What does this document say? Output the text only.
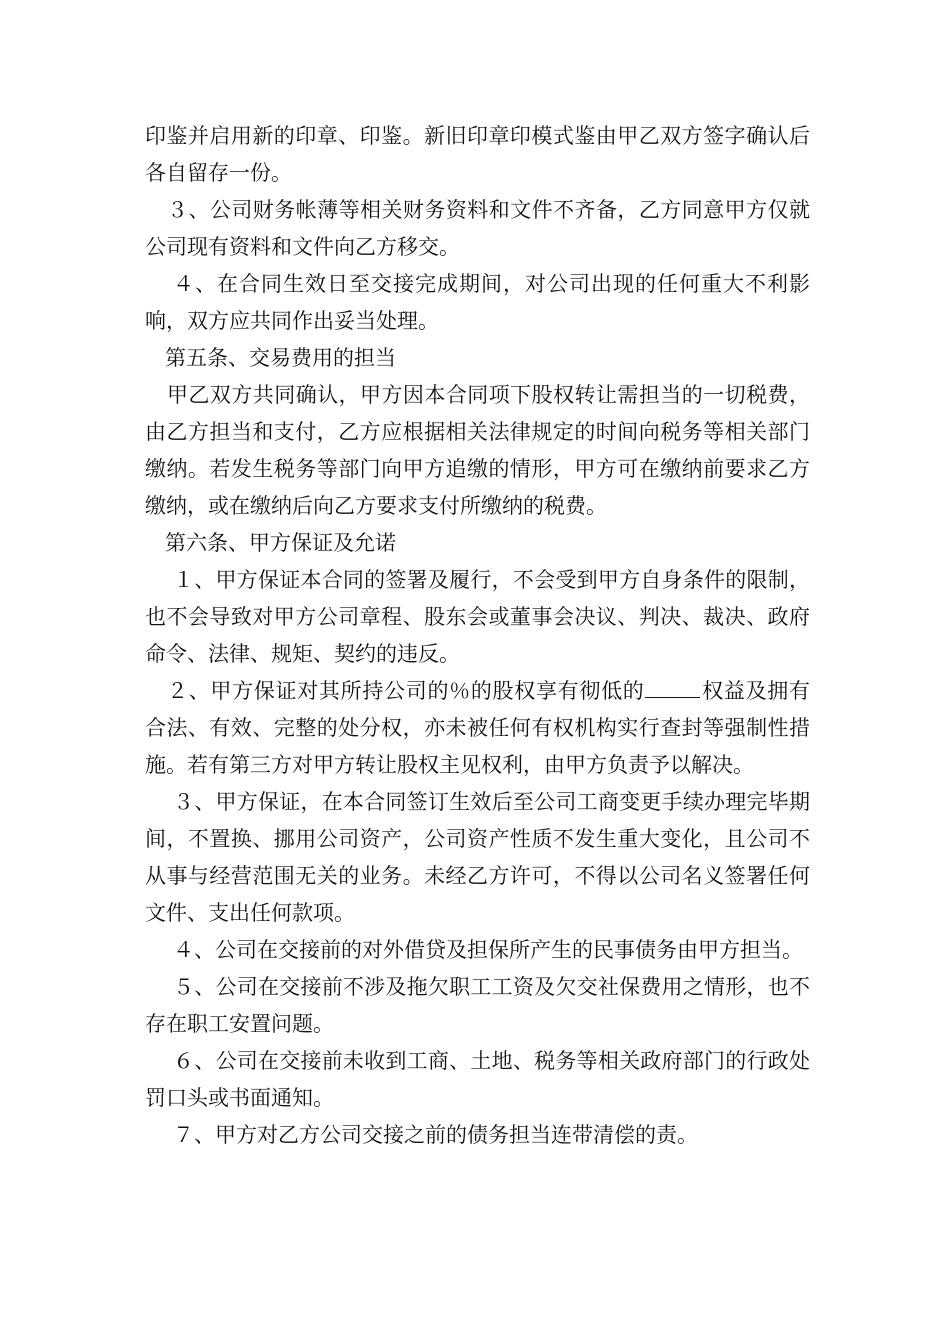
印鉴并启用新的印章、印鉴。新旧印章印模式鉴由甲乙双方签字确认后各自留存一份。

３、公司财务帐薄等相关财务资料和文件不齐备，乙方同意甲方仅就公司现有资料和文件向乙方移交。

４、在合同生效日至交接完成期间，对公司出现的任何重大不利影响，双方应共同作出妥当处理。

第五条、交易费用的担当

甲乙双方共同确认，甲方因本合同项下股权转让需担当的一切税费，由乙方担当和支付，乙方应根据相关法律规定的时间向税务等相关部门缴纳。若发生税务等部门向甲方追缴的情形，甲方可在缴纳前要求乙方缴纳，或在缴纳后向乙方要求支付所缴纳的税费。

第六条、甲方保证及允诺

１、甲方保证本合同的签署及履行，不会受到甲方自身条件的限制，也不会导致对甲方公司章程、股东会或董事会决议、判决、裁决、政府命令、法律、规矩、契约的违反。

２、甲方保证对其所持公司的％的股权享有彻低的	权益及拥有合法、有效、完整的处分权，亦未被任何有权机构实行查封等强制性措施。若有第三方对甲方转让股权主见权利，由甲方负责予以解决。

３、甲方保证，在本合同签订生效后至公司工商变更手续办理完毕期间，不置换、挪用公司资产，公司资产性质不发生重大变化，且公司不从事与经营范围无关的业务。未经乙方许可，不得以公司名义签署任何文件、支出任何款项。

４、公司在交接前的对外借贷及担保所产生的民事债务由甲方担当。

５、公司在交接前不涉及拖欠职工工资及欠交社保费用之情形，也不存在职工安置问题。

６、公司在交接前未收到工商、土地、税务等相关政府部门的行政处罚口头或书面通知。

７、甲方对乙方公司交接之前的债务担当连带清偿的责。
